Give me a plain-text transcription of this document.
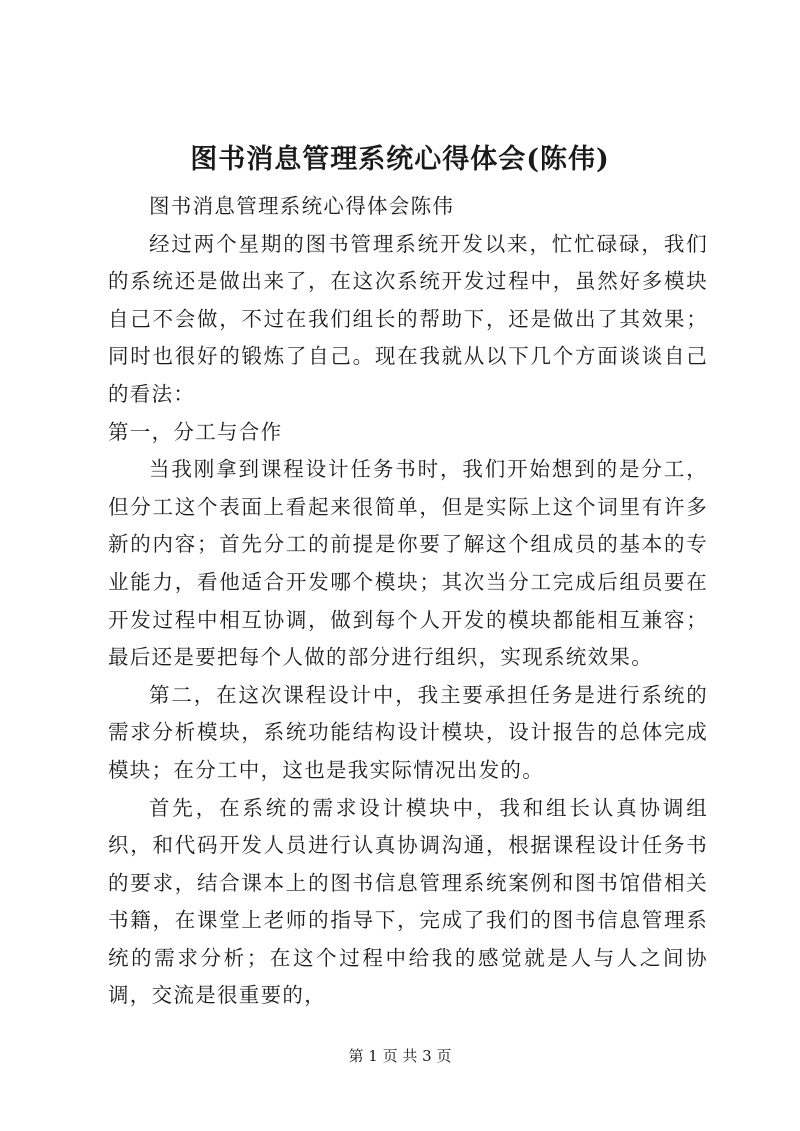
图书消息管理系统心得体会(陈伟)

图书消息管理系统心得体会陈伟

经过两个星期的图书管理系统开发以来，忙忙碌碌，我们的系统还是做出来了，在这次系统开发过程中，虽然好多模块自己不会做，不过在我们组长的帮助下，还是做出了其效果；同时也很好的锻炼了自己。现在我就从以下几个方面谈谈自己的看法：

第一，分工与合作

当我刚拿到课程设计任务书时，我们开始想到的是分工，但分工这个表面上看起来很简单，但是实际上这个词里有许多新的内容；首先分工的前提是你要了解这个组成员的基本的专业能力，看他适合开发哪个模块；其次当分工完成后组员要在开发过程中相互协调，做到每个人开发的模块都能相互兼容；最后还是要把每个人做的部分进行组织，实现系统效果。

第二，在这次课程设计中，我主要承担任务是进行系统的需求分析模块，系统功能结构设计模块，设计报告的总体完成模块；在分工中，这也是我实际情况出发的。

首先，在系统的需求设计模块中，我和组长认真协调组织，和代码开发人员进行认真协调沟通，根据课程设计任务书的要求，结合课本上的图书信息管理系统案例和图书馆借相关书籍，在课堂上老师的指导下，完成了我们的图书信息管理系统的需求分析；在这个过程中给我的感觉就是人与人之间协调，交流是很重要的，

第 1 页 共 3 页
